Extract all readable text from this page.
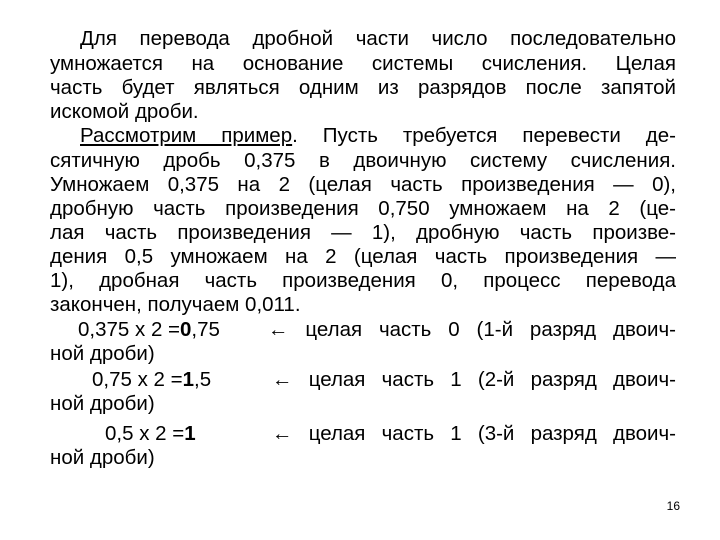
Для перевода дробной части число последовательно
умножается на основание системы счисления. Целая
часть будет являться одним из разрядов после запятой
искомой дроби.
Рассмотрим пример. Пусть требуется перевести де-
сятичную дробь 0,375 в двоичную систему счисления.
Умножаем 0,375 на 2 (целая часть произведения — 0),
дробную часть произведения 0,750 умножаем на 2 (це-
лая часть произведения — 1), дробную часть произве-
дения 0,5 умножаем на 2 (целая часть произведения —
1), дробная часть произведения 0, процесс перевода
закончен, получаем 0,011.
0,375 x 2 =0,75 ← целая часть 0 (1-й разряд двоич-
ной дроби)
0,75 x 2 =1,5	← целая часть 1 (2-й разряд двоич-
ной дроби)
0,5 x 2 =1	← целая часть 1 (3-й разряд двоич-
ной дроби)
16
